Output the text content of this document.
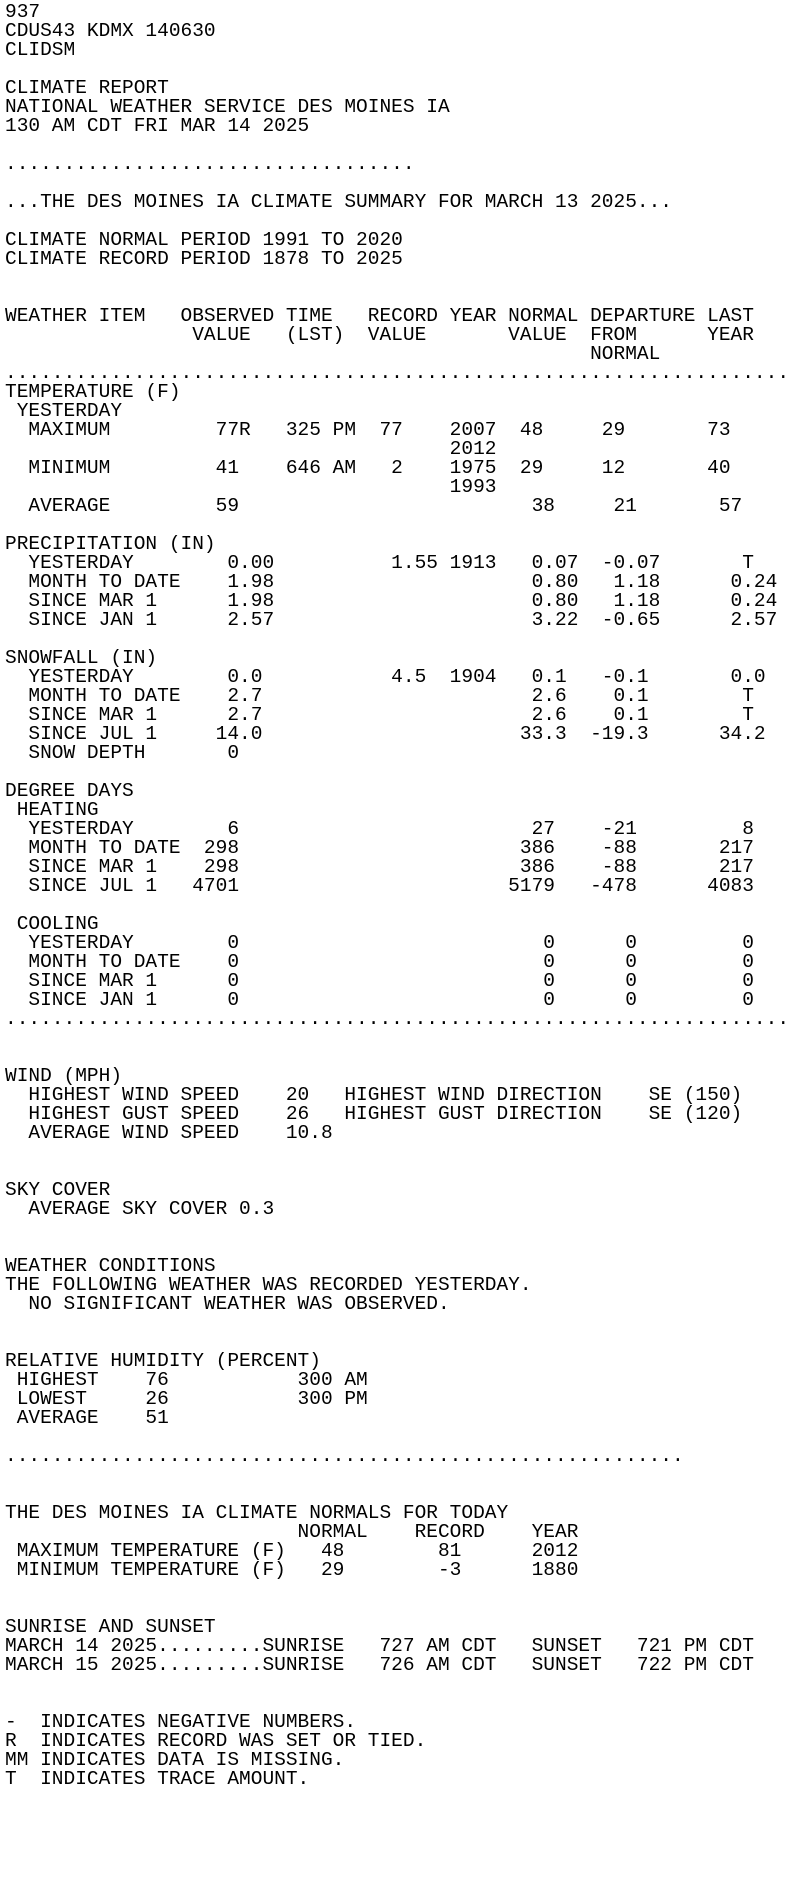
937
CDUS43 KDMX 140630
CLIDSM
CLIMATE REPORT
NATIONAL WEATHER SERVICE DES MOINES IA
130 AM CDT FRI MAR 14 2025
...................................
...THE DES MOINES IA CLIMATE SUMMARY FOR MARCH 13 2025...
CLIMATE NORMAL PERIOD 1991 TO 2020
CLIMATE RECORD PERIOD 1878 TO 2025
WEATHER ITEM   OBSERVED TIME   RECORD YEAR NORMAL DEPARTURE LAST
VALUE   (LST)  VALUE       VALUE  FROM      YEAR
NORMAL
...................................................................
TEMPERATURE (F)
YESTERDAY
MAXIMUM         77R   325 PM  77    2007  48     29       73
2012
MINIMUM         41    646 AM   2    1975  29     12       40
1993
AVERAGE         59                         38     21       57
PRECIPITATION (IN)
YESTERDAY        0.00          1.55 1913   0.07  -0.07       T
MONTH TO DATE    1.98                      0.80   1.18      0.24
SINCE MAR 1      1.98                      0.80   1.18      0.24
SINCE JAN 1      2.57                      3.22  -0.65      2.57
SNOWFALL (IN)
YESTERDAY        0.0           4.5  1904   0.1   -0.1       0.0
MONTH TO DATE    2.7                       2.6    0.1        T
SINCE MAR 1      2.7                       2.6    0.1        T
SINCE JUL 1     14.0                      33.3  -19.3      34.2
SNOW DEPTH       0
DEGREE DAYS
HEATING
YESTERDAY        6                         27    -21         8
MONTH TO DATE  298                        386    -88       217
SINCE MAR 1    298                        386    -88       217
SINCE JUL 1   4701                       5179   -478      4083
COOLING
YESTERDAY        0                          0      0         0
MONTH TO DATE    0                          0      0         0
SINCE MAR 1      0                          0      0         0
SINCE JAN 1      0                          0      0         0
...................................................................
WIND (MPH)
HIGHEST WIND SPEED    20   HIGHEST WIND DIRECTION    SE (150)
HIGHEST GUST SPEED    26   HIGHEST GUST DIRECTION    SE (120)
AVERAGE WIND SPEED    10.8
SKY COVER
AVERAGE SKY COVER 0.3
WEATHER CONDITIONS
THE FOLLOWING WEATHER WAS RECORDED YESTERDAY.
NO SIGNIFICANT WEATHER WAS OBSERVED.
RELATIVE HUMIDITY (PERCENT)
HIGHEST    76           300 AM
LOWEST     26           300 PM
AVERAGE    51
..........................................................
THE DES MOINES IA CLIMATE NORMALS FOR TODAY
NORMAL    RECORD    YEAR
MAXIMUM TEMPERATURE (F)   48        81      2012
MINIMUM TEMPERATURE (F)   29        -3      1880
SUNRISE AND SUNSET
MARCH 14 2025.........SUNRISE   727 AM CDT   SUNSET   721 PM CDT
MARCH 15 2025.........SUNRISE   726 AM CDT   SUNSET   722 PM CDT
-  INDICATES NEGATIVE NUMBERS.
R  INDICATES RECORD WAS SET OR TIED.
MM INDICATES DATA IS MISSING.
T  INDICATES TRACE AMOUNT.
